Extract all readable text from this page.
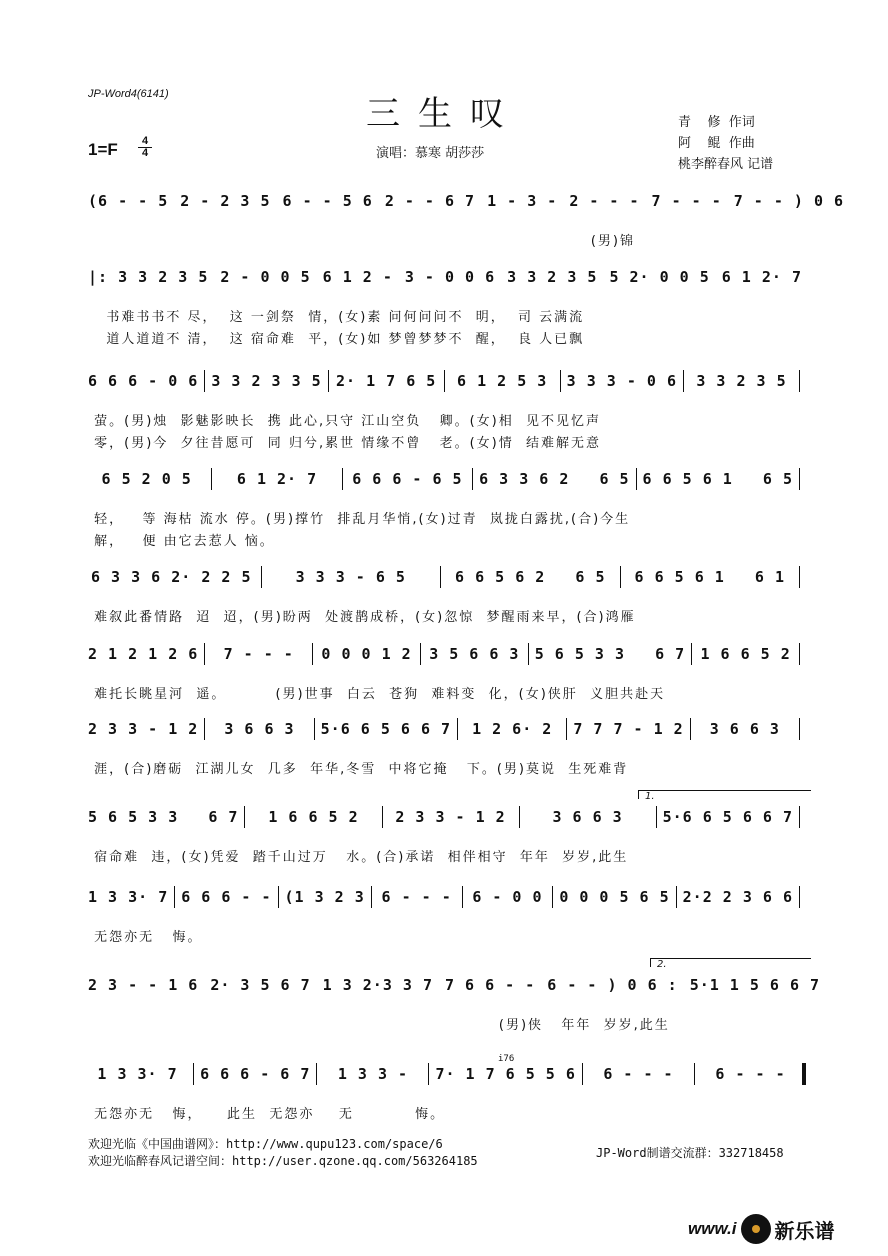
JP-Word4(6141)	三生叹
1=F	4
4	演唱：慕寒 胡莎莎
青    修  作词
阿    鲲  作曲
桃李醉春风 记谱
(6 - - 5 2 - 2 3 5 6 - - 5 6 2 - - 6 7 1 - 3 - 2 - - - 7 - - - 7 - - ) 0 6
(男)锦
|: 3 3 2 3 5 2 - 0 0 5 6 1 2 - 3 - 0 0 6 3 3 2 3 5 5 2· 0 0 5 6 1 2· 7
书难书书不 尽，  这 一剑祭  情，(女)素 问何问问不  明，  司 云满流
道人道道不 清，  这 宿命难  平，(女)如 梦曾梦梦不  醒，  良 人已飘
6 6 6 - 0 6 3 3 2 3 3 5 2· 1 7 6 5	6 1 2 5 3	3 3 3 - 0 6	3 3 2 3 5
萤。(男)烛  影魅影映长  携 此心,只守 江山空负   卿。(女)相  见不见忆声
零，(男)今  夕往昔愿可  同 归兮,累世 情缘不曾   老。(女)情  结难解无意
6 5 2 0 5	6 1 2· 7	6 6 6 - 6 5 6 3 3 6 2   6 5 6 6 5 6 1   6 5
轻，   等 海枯 流水 停。(男)撑竹  排乱月华悄,(女)过青  岚拢白露扰,(合)今生
解，   便 由它去惹人 恼。
6 3 3 6 2· 2 2 5	3 3 3 - 6 5	6 6 5 6 2   6 5	6 6 5 6 1   6 1
难叙此番情路  迢  迢，(男)盼两  处渡鹊成桥，(女)忽惊  梦醒雨来早，(合)鸿雁
2 1 2 1 2 6	7 - - -	0 0 0 1 2 3 5 6 6 3 5 6 5 3 3   6 7 1 6 6 5 2
难托长眺星河  遥。        (男)世事  白云  苍狗  难料变  化，(女)侠肝  义胆共赴天
2 3 3 - 1 2	3 6 6 3	5·6 6 5 6 6 7	1 2 6· 2	7 7 7 - 1 2	3 6 6 3
涯，(合)磨砺  江湖儿女  几多  年华,冬雪  中将它掩   下。(男)莫说  生死难背
5 6 5 3 3   6 7	1 6 6 5 2	2 3 3 - 1 2	3 6 6 3	5·6 6 5 6 6 7
宿命难  违，(女)凭爱  踏千山过万   水。(合)承诺  相伴相守  年年  岁岁,此生
1 3 3· 7 6 6 6 - - (1 3 2 3 6 - - - 6 - 0 0 0 0 0 5 6 5 2·2 2 3 6 6
无怨亦无   悔。
2 3 - - 1 6 2· 3 5 6 7 1 3 2·3 3 7 7 6 6 - - 6 - - ) 0 6 : 5·1 1 5 6 6 7
(男)侠   年年  岁岁,此生
1 3 3· 7	6 6 6 - 6 7	1 3 3 -	7· 1 7 6 5 5 6	6 - - -	6 - - -
无怨亦无   悔，    此生  无怨亦    无          悔。
1.
2.
i76
欢迎光临《中国曲谱网》：http://www.qupu123.com/space/6
欢迎光临醉春风记谱空间：http://user.qzone.qq.com/563264185
JP-Word制谱交流群：332718458
www.i 新乐谱
